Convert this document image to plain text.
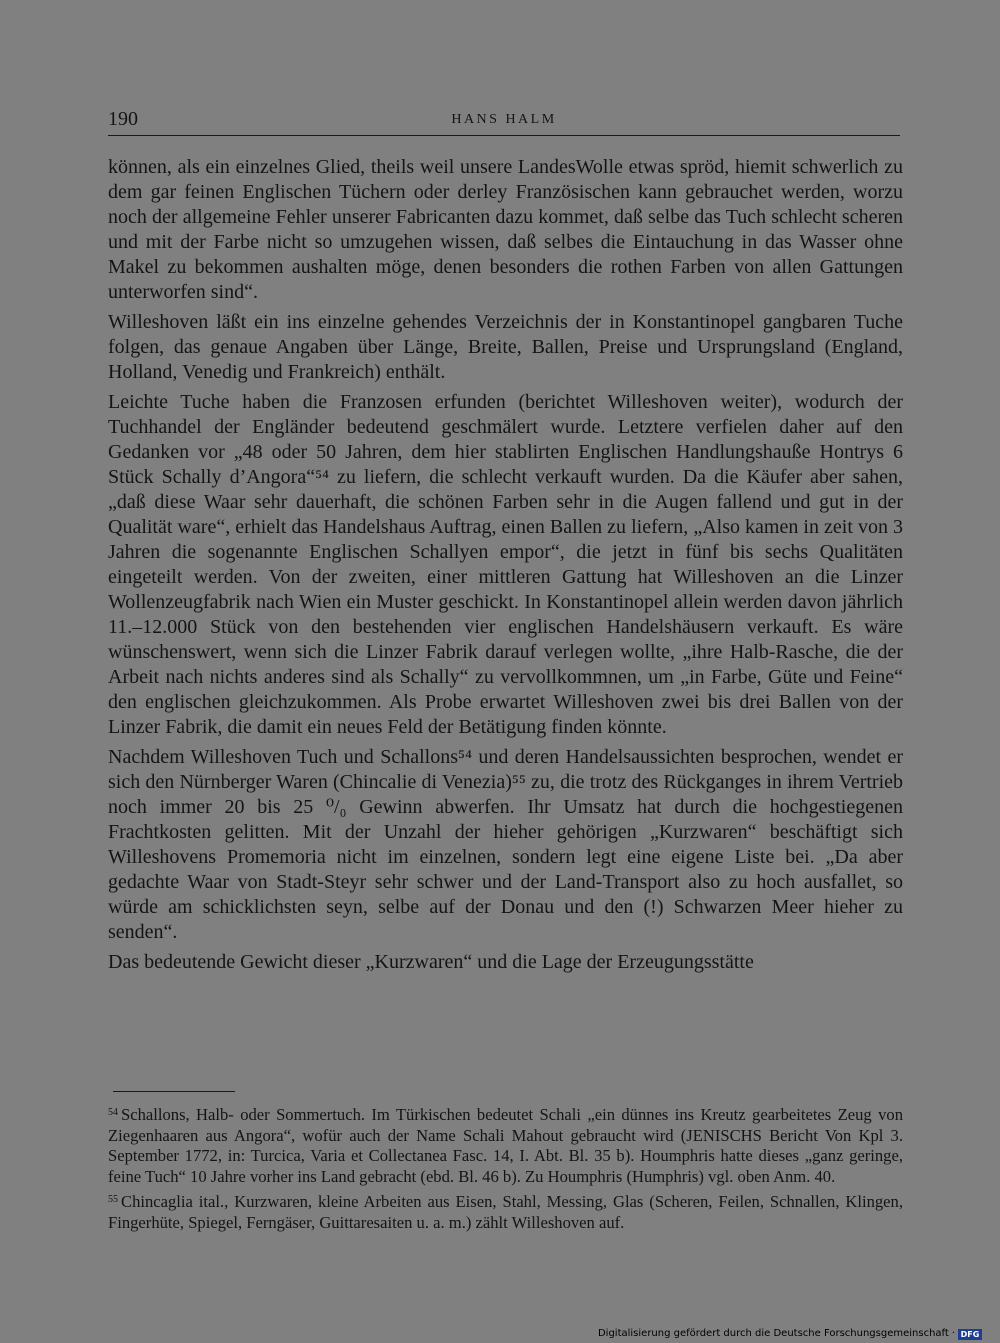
190	HANS HALM

können, als ein einzelnes Glied, theils weil unsere LandesWolle etwas spröd, hiemit schwerlich zu dem gar feinen Englischen Tüchern oder derley Französischen kann gebrauchet werden, worzu noch der allgemeine Fehler unserer Fabricanten dazu kommet, daß selbe das Tuch schlecht scheren und mit der Farbe nicht so umzugehen wissen, daß selbes die Eintauchung in das Wasser ohne Makel zu bekommen aushalten möge, denen besonders die rothen Farben von allen Gattungen unterworfen sind“.

Willeshoven läßt ein ins einzelne gehendes Verzeichnis der in Konstantinopel gangbaren Tuche folgen, das genaue Angaben über Länge, Breite, Ballen, Preise und Ursprungsland (England, Holland, Venedig und Frankreich) enthält.

Leichte Tuche haben die Franzosen erfunden (berichtet Willeshoven weiter), wodurch der Tuchhandel der Engländer bedeutend geschmälert wurde. Letztere verfielen daher auf den Gedanken vor „48 oder 50 Jahren, dem hier stablirten Englischen Handlungshauße Hontrys 6 Stück Schally d’Angora“⁵⁴ zu liefern, die schlecht verkauft wurden. Da die Käufer aber sahen, „daß diese Waar sehr dauerhaft, die schönen Farben sehr in die Augen fallend und gut in der Qualität ware“, erhielt das Handelshaus Auftrag, einen Ballen zu liefern, „Also kamen in zeit von 3 Jahren die sogenannte Englischen Schallyen empor“, die jetzt in fünf bis sechs Qualitäten eingeteilt werden. Von der zweiten, einer mittleren Gattung hat Willeshoven an die Linzer Wollenzeugfabrik nach Wien ein Muster geschickt. In Konstantinopel allein werden davon jährlich 11.–12.000 Stück von den bestehenden vier englischen Handelshäusern verkauft. Es wäre wünschenswert, wenn sich die Linzer Fabrik darauf verlegen wollte, „ihre Halb-Rasche, die der Arbeit nach nichts anderes sind als Schally“ zu vervollkommnen, um „in Farbe, Güte und Feine“ den englischen gleichzukommen. Als Probe erwartet Willeshoven zwei bis drei Ballen von der Linzer Fabrik, die damit ein neues Feld der Betätigung finden könnte.

Nachdem Willeshoven Tuch und Schallons⁵⁴ und deren Handelsaussichten besprochen, wendet er sich den Nürnberger Waren (Chincalie di Venezia)⁵⁵ zu, die trotz des Rückganges in ihrem Vertrieb noch immer 20 bis 25 ⁰/₀ Gewinn abwerfen. Ihr Umsatz hat durch die hochgestiegenen Frachtkosten gelitten. Mit der Unzahl der hieher gehörigen „Kurzwaren“ beschäftigt sich Willeshovens Promemoria nicht im einzelnen, sondern legt eine eigene Liste bei. „Da aber gedachte Waar von Stadt-Steyr sehr schwer und der Land-Transport also zu hoch ausfallet, so würde am schicklichsten seyn, selbe auf der Donau und den (!) Schwarzen Meer hieher zu senden“.

Das bedeutende Gewicht dieser „Kurzwaren“ und die Lage der Erzeugungsstätte

$^{54}$ Schallons, Halb- oder Sommertuch. Im Türkischen bedeutet Schali „ein dünnes ins Kreutz gearbeitetes Zeug von Ziegenhaaren aus Angora“, wofür auch der Name Schali Mahout gebraucht wird (JENISCHS Bericht Von Kpl 3. September 1772, in: Turcica, Varia et Collectanea Fasc. 14, I. Abt. Bl. 35 b). Houmphris hatte dieses „ganz geringe, feine Tuch“ 10 Jahre vorher ins Land gebracht (ebd. Bl. 46 b). Zu Houmphris (Humphris) vgl. oben Anm. 40.

$^{55}$ Chincaglia ital., Kurzwaren, kleine Arbeiten aus Eisen, Stahl, Messing, Glas (Scheren, Feilen, Schnallen, Klingen, Fingerhüte, Spiegel, Ferngäser, Guittaresaiten u. a. m.) zählt Willeshoven auf.

Digitalisierung gefördert durch die Deutsche Forschungsgemeinschaft · DFG
